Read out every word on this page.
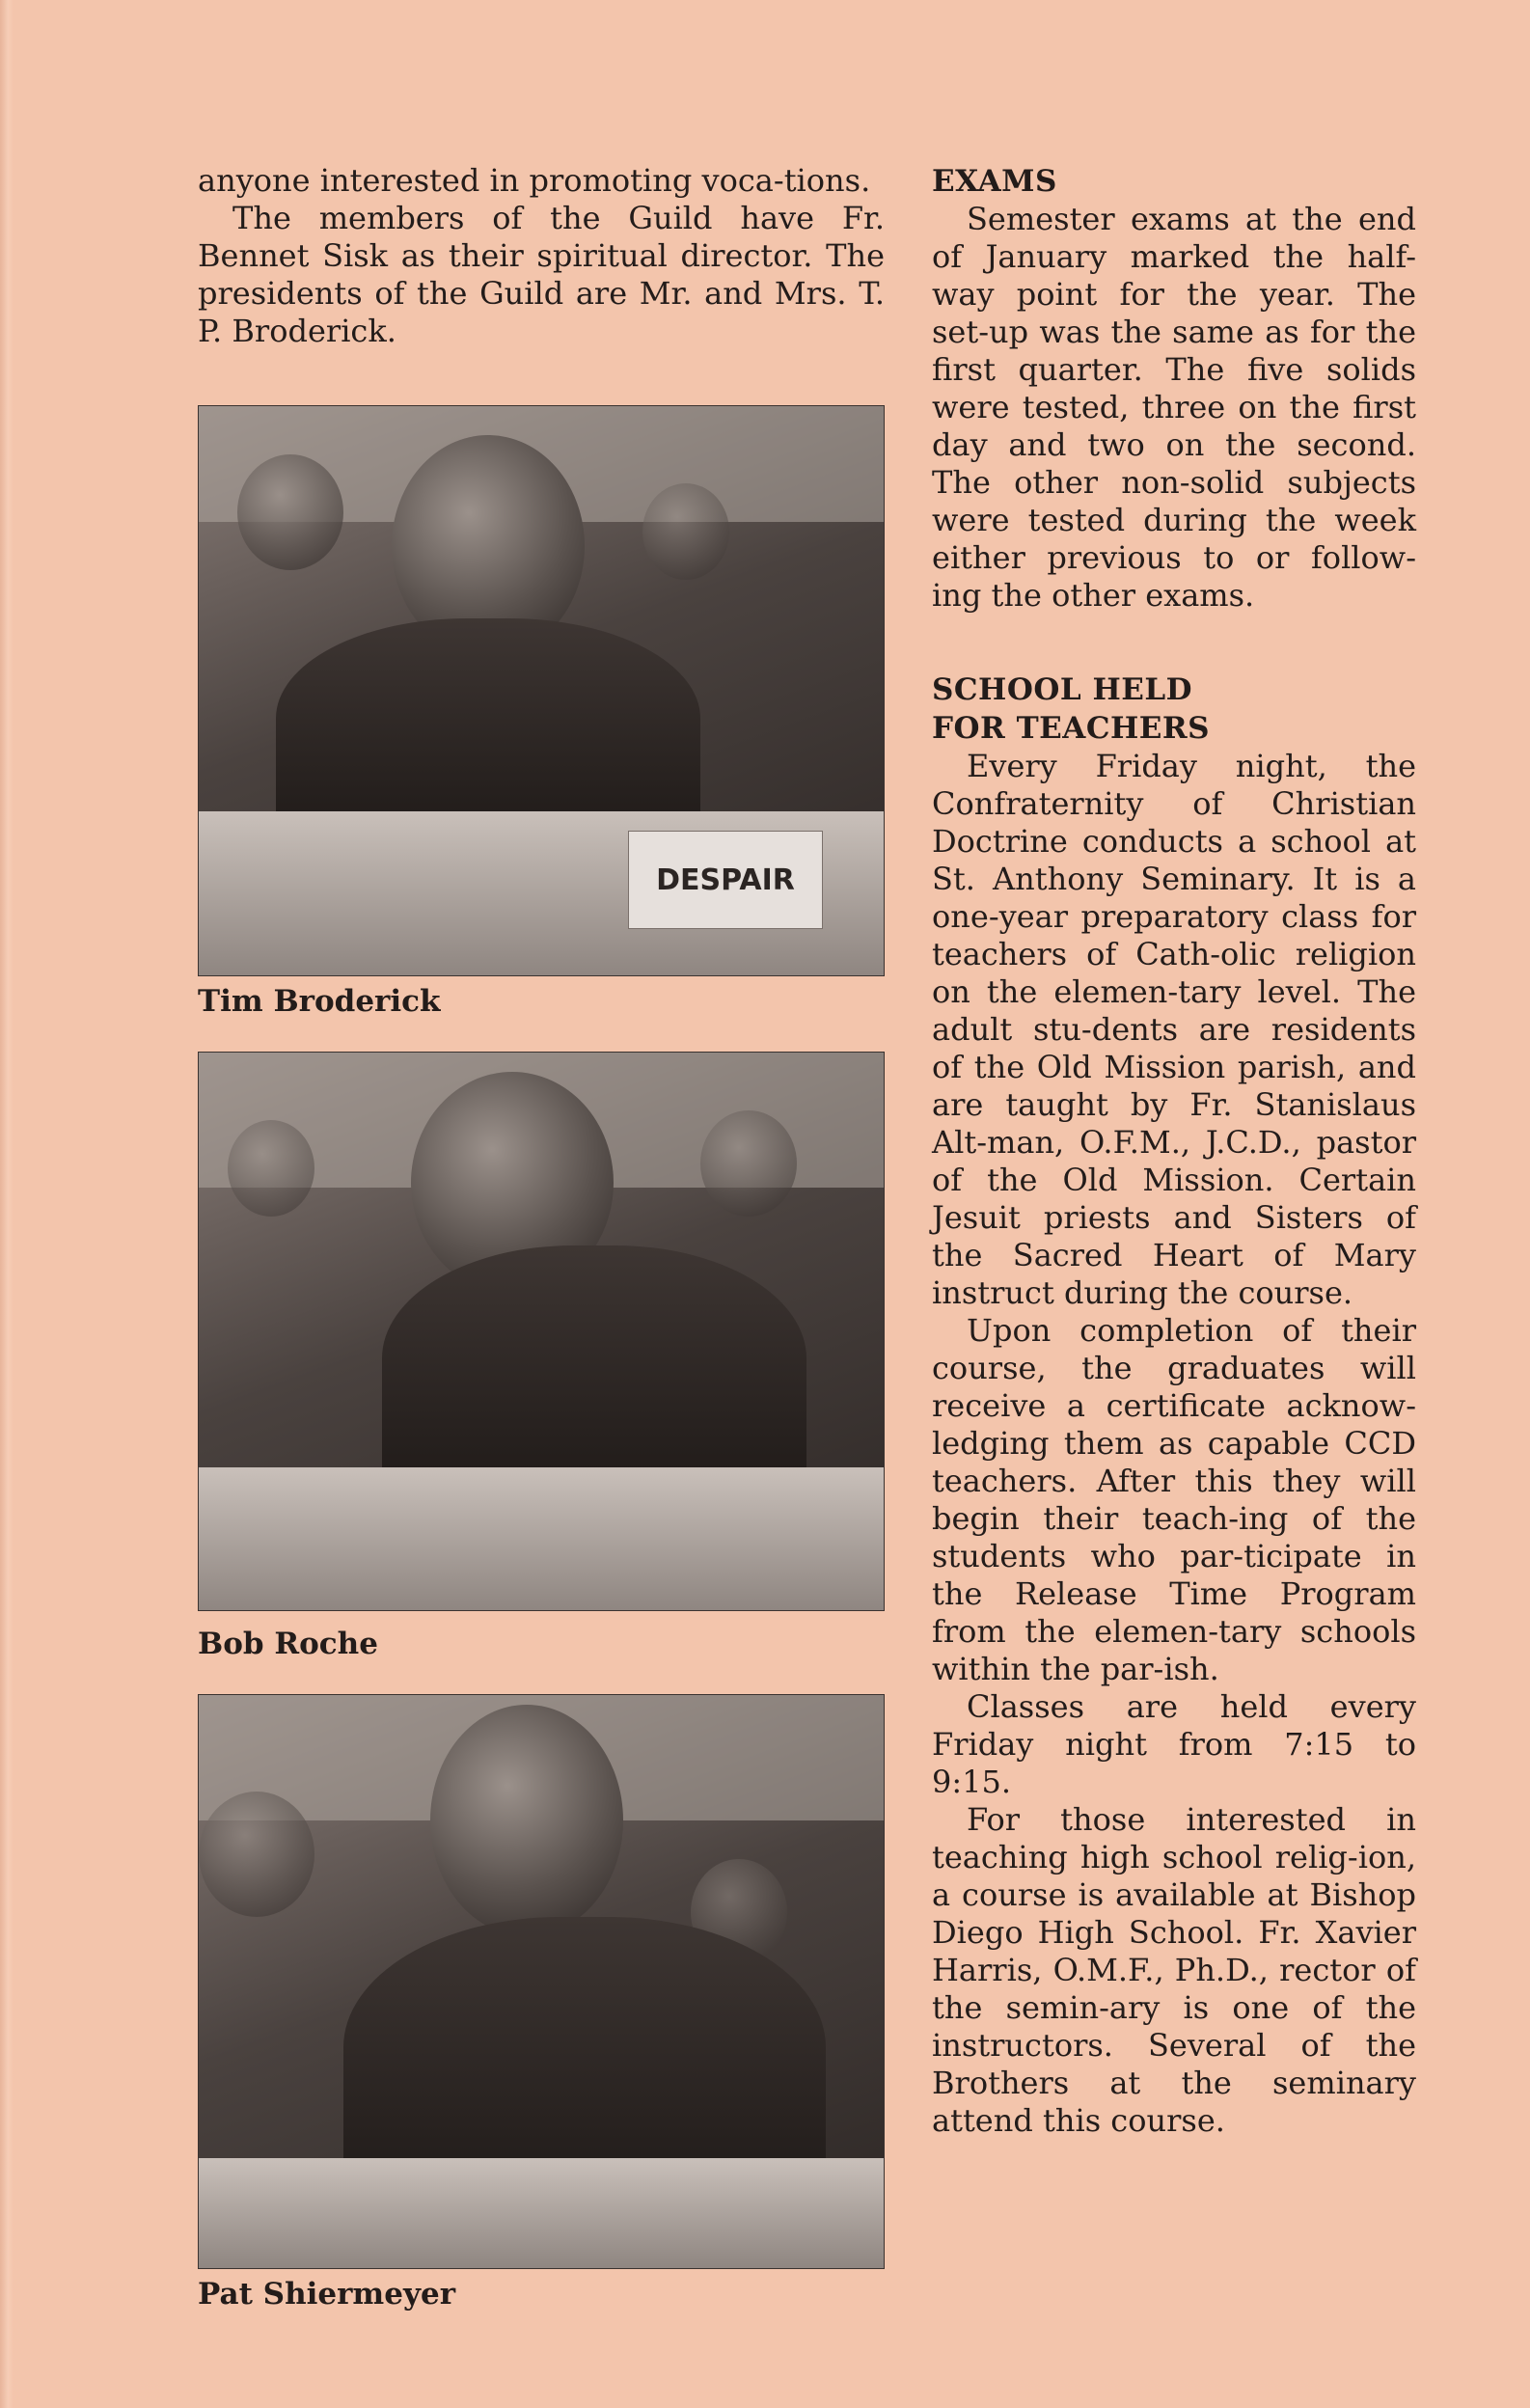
anyone interested in promoting voca-tions.

The members of the Guild have Fr. Bennet Sisk as their spiritual director. The presidents of the Guild are Mr. and Mrs. T. P. Broderick.

DESPAIR

Tim Broderick

Bob Roche

Pat Shiermeyer

EXAMS

Semester exams at the end of January marked the half-way point for the year. The set-up was the same as for the first quarter. The five solids were tested, three on the first day and two on the second. The other non-solid subjects were tested during the week either previous to or follow-ing the other exams.

SCHOOL HELD
FOR TEACHERS

Every Friday night, the Confraternity of Christian Doctrine conducts a school at St. Anthony Seminary. It is a one-year preparatory class for teachers of Cath-olic religion on the elemen-tary level. The adult stu-dents are residents of the Old Mission parish, and are taught by Fr. Stanislaus Alt-man, O.F.M., J.C.D., pastor of the Old Mission. Certain Jesuit priests and Sisters of the Sacred Heart of Mary instruct during the course.

Upon completion of their course, the graduates will receive a certificate acknow-ledging them as capable CCD teachers. After this they will begin their teach-ing of the students who par-ticipate in the Release Time Program from the elemen-tary schools within the par-ish.

Classes are held every Friday night from 7:15 to 9:15.

For those interested in teaching high school relig-ion, a course is available at Bishop Diego High School. Fr. Xavier Harris, O.M.F., Ph.D., rector of the semin-ary is one of the instructors. Several of the Brothers at the seminary attend this course.
